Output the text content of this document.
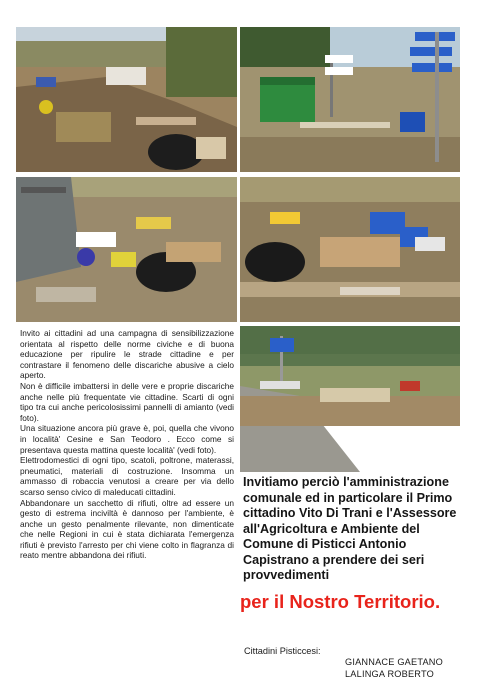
Invito ai cittadini ad una campagna di sensibilizzazione orientata al rispetto delle norme civiche e di buona educazione per ripulire le strade cittadine e per contrastare il fenomeno delle discariche abusive a cielo aperto.

Non è difficile imbattersi in delle vere e proprie discariche anche nelle più frequentate vie cittadine. Scarti di ogni tipo tra cui anche pericolosissimi pannelli di amianto (vedi foto).

Una situazione ancora più grave è, poi, quella che vivono in località' Cesine e San Teodoro . Ecco come si presentava questa mattina queste località' (vedi foto).

Elettrodomestici di ogni tipo, scatoli, poltrone, materassi, pneumatici, materiali di costruzione. Insomma un ammasso di robaccia venutosi a creare per via dello scarso senso civico di maleducati cittadini.

Abbandonare un sacchetto di rifiuti, oltre ad essere un gesto di estrema inciviltà è dannoso per l'ambiente, è anche un gesto penalmente rilevante, non dimenticate che nelle Regioni in cui è stata dichiarata l'emergenza rifiuti è previsto l'arresto per chi viene colto in flagranza di reato mentre abbandona dei rifiuti.

Invitiamo perciò l'amministrazione comunale ed in particolare il Primo cittadino Vito Di Trani e l'Assessore all'Agricoltura e Ambiente del Comune di Pisticci Antonio Capistrano a prendere dei seri provvedimenti

per il Nostro Territorio.

Cittadini Pisticcesi:
GIANNACE GAETANO
LALINGA ROBERTO
